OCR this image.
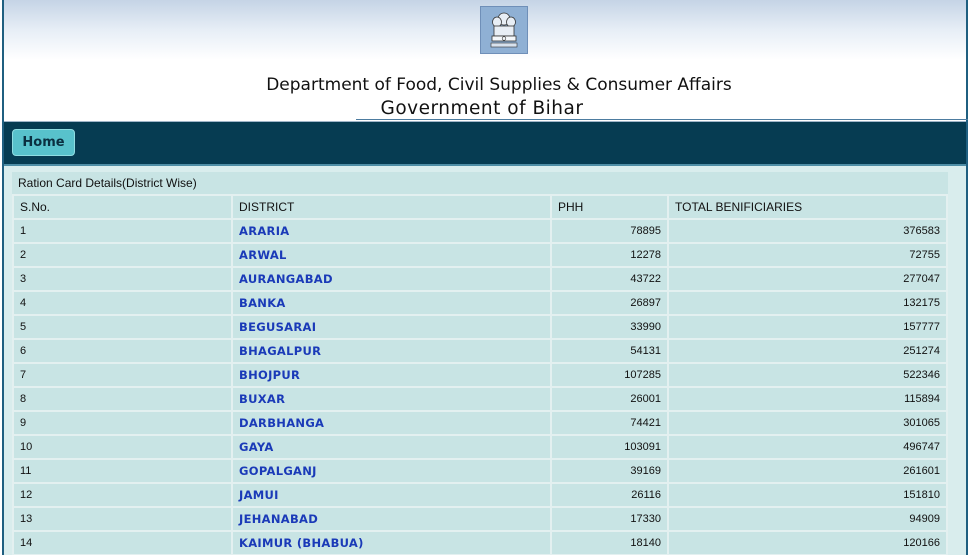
Department of Food, Civil Supplies & Consumer Affairs
Government of Bihar
Home
Ration Card Details(District Wise)
S.No.	DISTRICT	PHH	TOTAL BENIFICIARIES
1	ARARIA	78895	376583
2	ARWAL	12278	72755
3	AURANGABAD	43722	277047
4	BANKA	26897	132175
5	BEGUSARAI	33990	157777
6	BHAGALPUR	54131	251274
7	BHOJPUR	107285	522346
8	BUXAR	26001	115894
9	DARBHANGA	74421	301065
10	GAYA	103091	496747
11	GOPALGANJ	39169	261601
12	JAMUI	26116	151810
13	JEHANABAD	17330	94909
14	KAIMUR (BHABUA)	18140	120166
